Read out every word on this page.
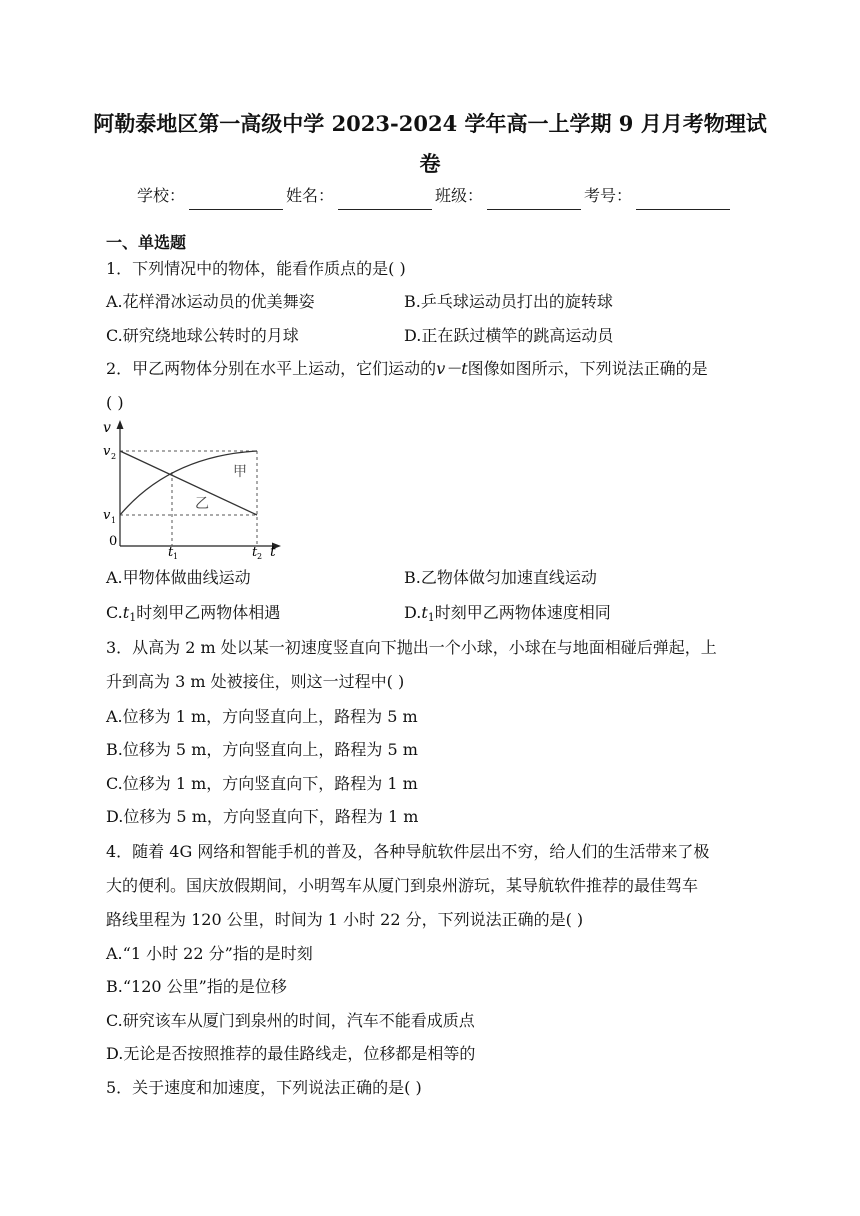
阿勒泰地区第一高级中学 2023-2024 学年高一上学期 9 月月考物理试
卷
学校：	姓名：	班级：	考号：
一、单选题
1．下列情况中的物体，能看作质点的是( )
A.花样滑冰运动员的优美舞姿	B.乒乓球运动员打出的旋转球
C.研究绕地球公转时的月球	D.正在跃过横竿的跳高运动员
2．甲乙两物体分别在水平上运动，它们运动的v－t图像如图所示，下列说法正确的是
( )
v
v 2
v 1
0
t 1	t 2 t
甲
乙
A.甲物体做曲线运动	B.乙物体做匀加速直线运动
$C.t_1$时刻甲乙两物体相遇	$D.t_1$时刻甲乙两物体速度相同
3．从高为 2 m 处以某一初速度竖直向下抛出一个小球，小球在与地面相碰后弹起，上
升到高为 3 m 处被接住，则这一过程中( )
A.位移为 1 m，方向竖直向上，路程为 5 m
B.位移为 5 m，方向竖直向上，路程为 5 m
C.位移为 1 m，方向竖直向下，路程为 1 m
D.位移为 5 m，方向竖直向下，路程为 1 m
4．随着 4G 网络和智能手机的普及，各种导航软件层出不穷，给人们的生活带来了极
大的便利。国庆放假期间，小明驾车从厦门到泉州游玩，某导航软件推荐的最佳驾车
路线里程为 120 公里，时间为 1 小时 22 分，下列说法正确的是( )
A.“1 小时 22 分”指的是时刻
B.“120 公里”指的是位移
C.研究该车从厦门到泉州的时间，汽车不能看成质点
D.无论是否按照推荐的最佳路线走，位移都是相等的
5．关于速度和加速度，下列说法正确的是( )
